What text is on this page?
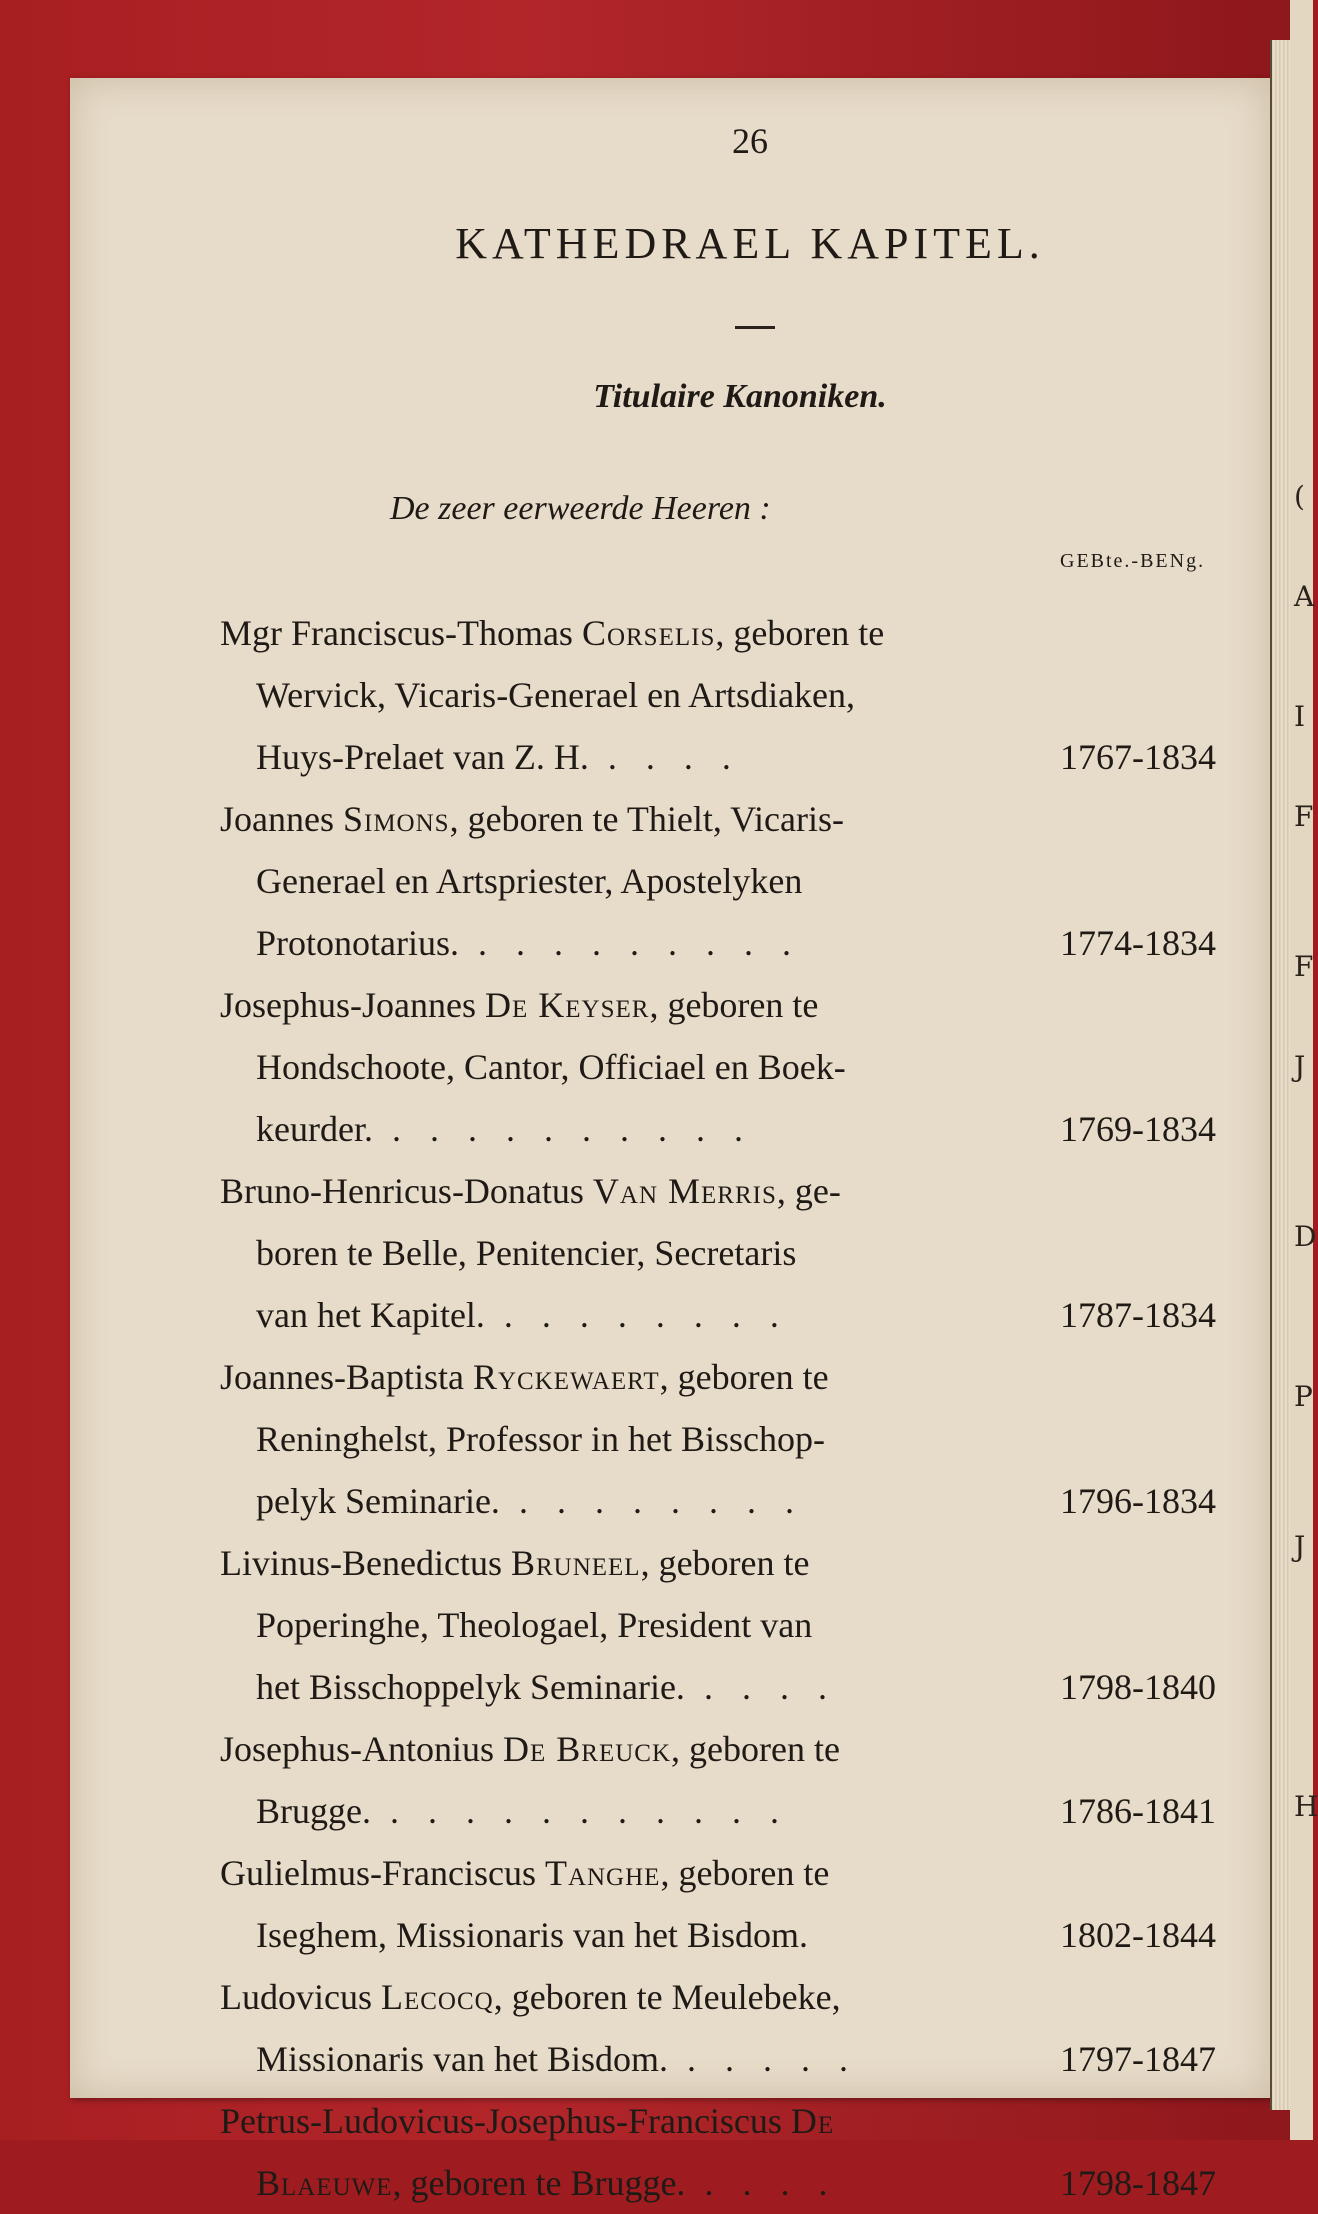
26
KATHEDRAEL KAPITEL.
Titulaire Kanoniken.
De zeer eerweerde Heeren :
GEBte.-BENg.
Mgr Franciscus-Thomas Corselis, geboren te
Wervick, Vicaris-Generael en Artsdiaken,
Huys-Prelaet van Z. H. . . . .	1767-1834
Joannes Simons, geboren te Thielt, Vicaris-
Generael en Artspriester, Apostelyken
Protonotarius. . . . . . . . . .	1774-1834
Josephus-Joannes De Keyser, geboren te
Hondschoote, Cantor, Officiael en Boek-
keurder. . . . . . . . . . .	1769-1834
Bruno-Henricus-Donatus Van Merris, ge-
boren te Belle, Penitencier, Secretaris
van het Kapitel. . . . . . . . .	1787-1834
Joannes-Baptista Ryckewaert, geboren te
Reninghelst, Professor in het Bisschop-
pelyk Seminarie. . . . . . . . .	1796-1834
Livinus-Benedictus Bruneel, geboren te
Poperinghe, Theologael, President van
het Bisschoppelyk Seminarie. . . . .	1798-1840
Josephus-Antonius De Breuck, geboren te
Brugge. . . . . . . . . . . .	1786-1841
Gulielmus-Franciscus Tanghe, geboren te
Iseghem, Missionaris van het Bisdom.	1802-1844
Ludovicus Lecocq, geboren te Meulebeke,
Missionaris van het Bisdom. . . . . .	1797-1847
Petrus-Ludovicus-Josephus-Franciscus De
Blaeuwe, geboren te Brugge. . . . .	1798-1847
(
A
I
F
F
J
D
P
J
H
